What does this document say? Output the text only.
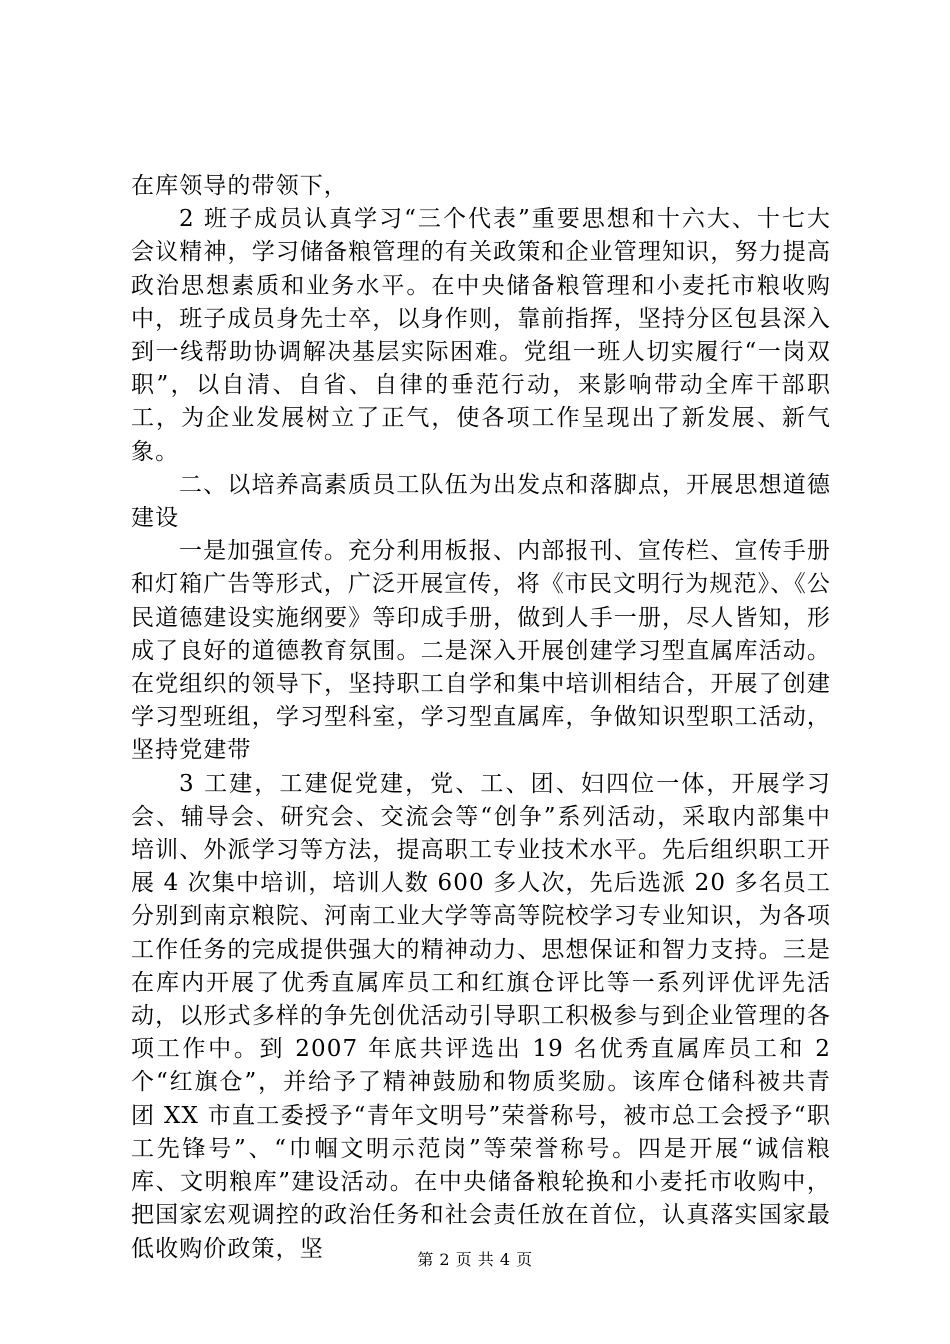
在库领导的带领下，

2 班子成员认真学习“三个代表”重要思想和十六大、十七大会议精神，学习储备粮管理的有关政策和企业管理知识，努力提高政治思想素质和业务水平。在中央储备粮管理和小麦托市粮收购中，班子成员身先士卒，以身作则，靠前指挥，坚持分区包县深入到一线帮助协调解决基层实际困难。党组一班人切实履行“一岗双职”，以自清、自省、自律的垂范行动，来影响带动全库干部职工，为企业发展树立了正气，使各项工作呈现出了新发展、新气象。

二、以培养高素质员工队伍为出发点和落脚点，开展思想道德建设

一是加强宣传。充分利用板报、内部报刊、宣传栏、宣传手册和灯箱广告等形式，广泛开展宣传，将《市民文明行为规范》、《公民道德建设实施纲要》等印成手册，做到人手一册，尽人皆知，形成了良好的道德教育氛围。二是深入开展创建学习型直属库活动。在党组织的领导下，坚持职工自学和集中培训相结合，开展了创建学习型班组，学习型科室，学习型直属库，争做知识型职工活动，坚持党建带

3 工建，工建促党建，党、工、团、妇四位一体，开展学习会、辅导会、研究会、交流会等“创争”系列活动，采取内部集中培训、外派学习等方法，提高职工专业技术水平。先后组织职工开展 4 次集中培训，培训人数 600 多人次，先后选派 20 多名员工分别到南京粮院、河南工业大学等高等院校学习专业知识，为各项工作任务的完成提供强大的精神动力、思想保证和智力支持。三是在库内开展了优秀直属库员工和红旗仓评比等一系列评优评先活动，以形式多样的争先创优活动引导职工积极参与到企业管理的各项工作中。到 2007 年底共评选出 19 名优秀直属库员工和 2 个“红旗仓”，并给予了精神鼓励和物质奖励。该库仓储科被共青团 XX 市直工委授予“青年文明号”荣誉称号，被市总工会授予“职工先锋号”、“巾帼文明示范岗”等荣誉称号。四是开展“诚信粮库、文明粮库”建设活动。在中央储备粮轮换和小麦托市收购中，把国家宏观调控的政治任务和社会责任放在首位，认真落实国家最低收购价政策，坚	第 2 页 共 4 页
